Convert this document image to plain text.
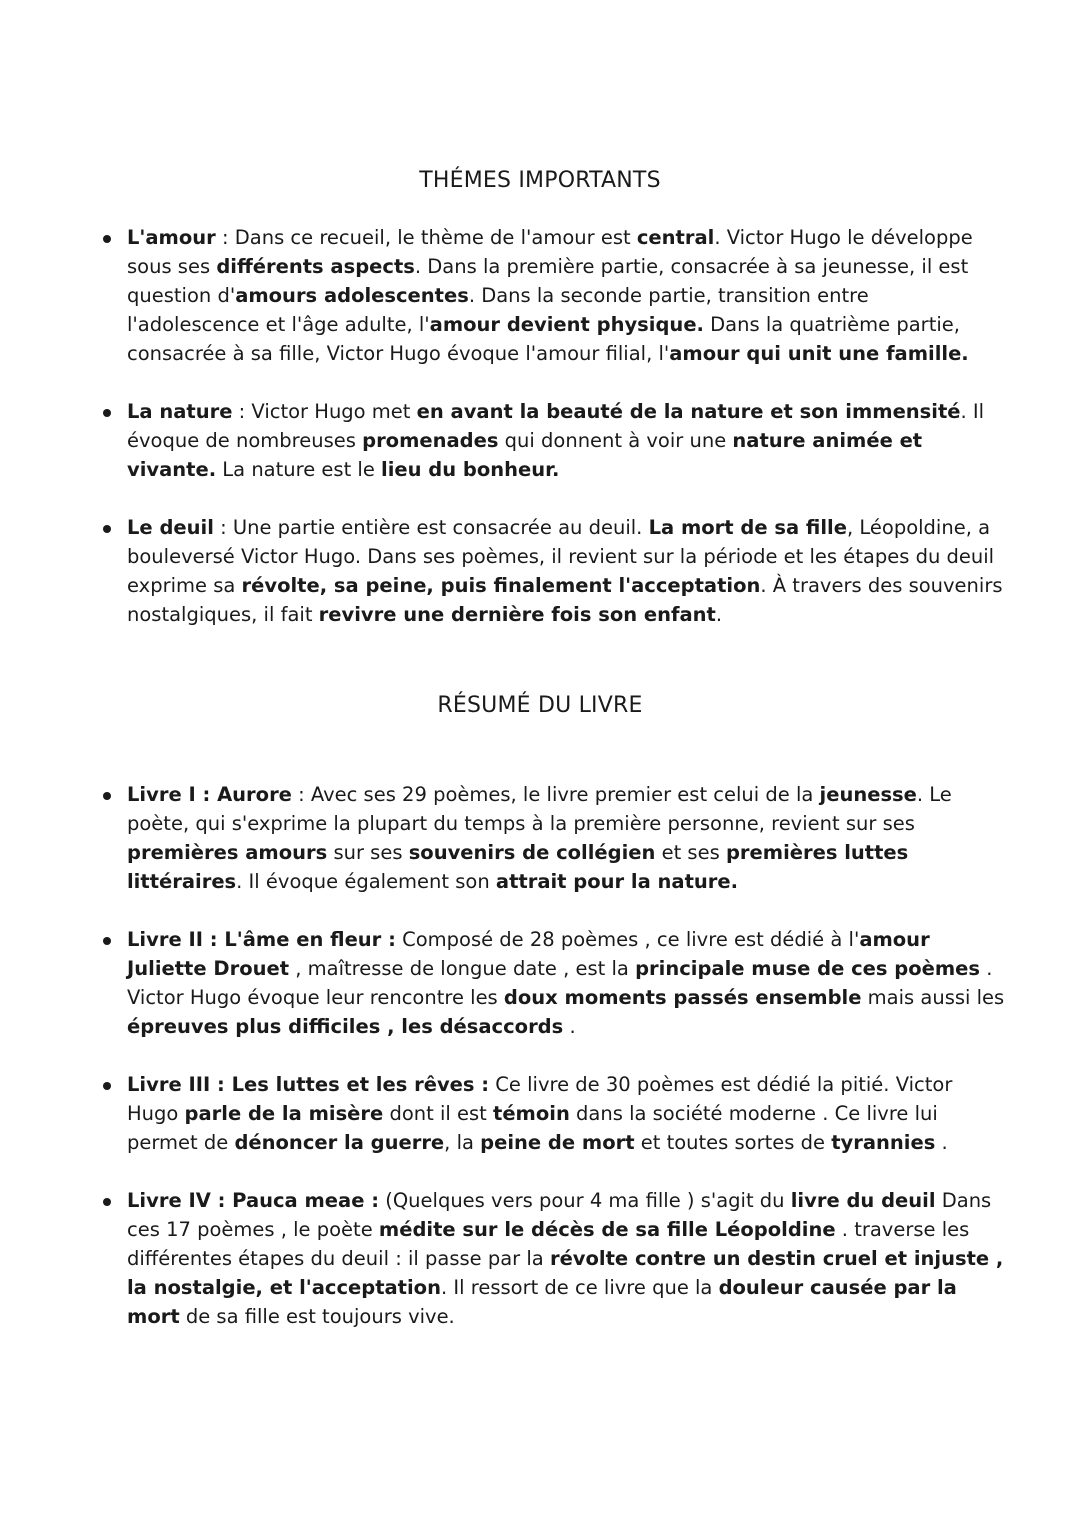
THÉMES IMPORTANTS
L'amour : Dans ce recueil, le thème de l'amour est central. Victor Hugo le développe sous ses différents aspects. Dans la première partie, consacrée à sa jeunesse, il est question d'amours adolescentes. Dans la seconde partie, transition entre l'adolescence et l'âge adulte, l'amour devient physique. Dans la quatrième partie, consacrée à sa fille, Victor Hugo évoque l'amour filial, l'amour qui unit une famille.
La nature : Victor Hugo met en avant la beauté de la nature et son immensité. Il évoque de nombreuses promenades qui donnent à voir une nature animée et vivante. La nature est le lieu du bonheur.
Le deuil : Une partie entière est consacrée au deuil. La mort de sa fille, Léopoldine, a bouleversé Victor Hugo. Dans ses poèmes, il revient sur la période et les étapes du deuil exprime sa révolte, sa peine, puis finalement l'acceptation. À travers des souvenirs nostalgiques, il fait revivre une dernière fois son enfant.
RÉSUMÉ DU LIVRE
Livre I : Aurore : Avec ses 29 poèmes, le livre premier est celui de la jeunesse. Le poète, qui s'exprime la plupart du temps à la première personne, revient sur ses premières amours sur ses souvenirs de collégien et ses premières luttes littéraires. Il évoque également son attrait pour la nature.
Livre II : L'âme en fleur : Composé de 28 poèmes , ce livre est dédié à l'amour Juliette Drouet , maîtresse de longue date , est la principale muse de ces poèmes . Victor Hugo évoque leur rencontre les doux moments passés ensemble mais aussi les épreuves plus difficiles , les désaccords .
Livre III : Les luttes et les rêves : Ce livre de 30 poèmes est dédié la pitié. Victor Hugo parle de la misère dont il est témoin dans la société moderne . Ce livre lui permet de dénoncer la guerre, la peine de mort et toutes sortes de tyrannies .
Livre IV : Pauca meae : (Quelques vers pour 4 ma fille ) s'agit du livre du deuil Dans ces 17 poèmes , le poète médite sur le décès de sa fille Léopoldine . traverse les différentes étapes du deuil : il passe par la révolte contre un destin cruel et injuste , la nostalgie, et l'acceptation. Il ressort de ce livre que la douleur causée par la mort de sa fille est toujours vive.
